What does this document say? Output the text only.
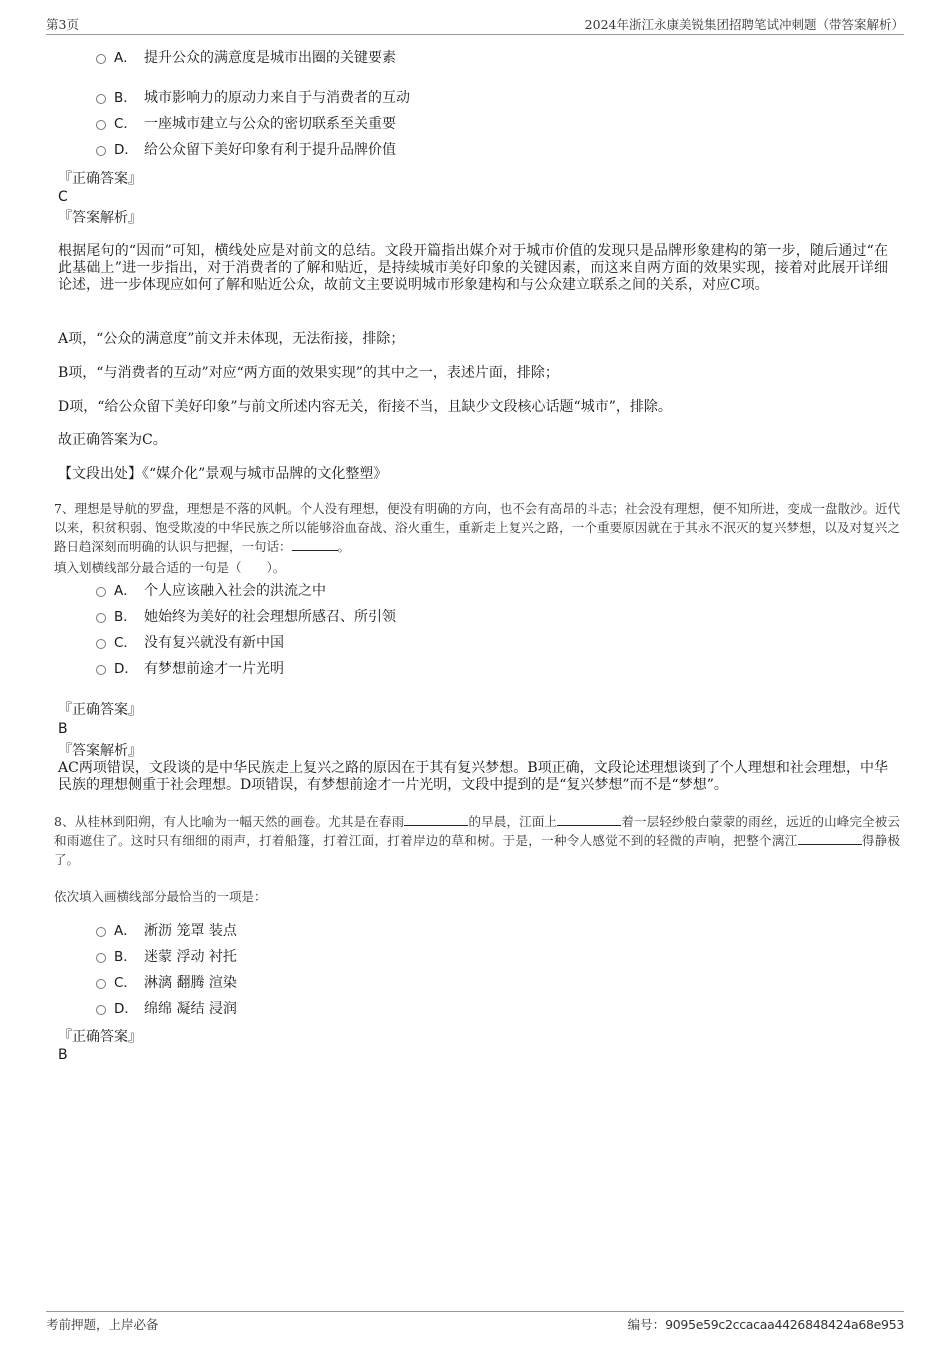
第3页	2024年浙江永康美锐集团招聘笔试冲刺题（带答案解析）
A． 提升公众的满意度是城市出圈的关键要素
B． 城市影响力的原动力来自于与消费者的互动
C． 一座城市建立与公众的密切联系至关重要
D． 给公众留下美好印象有利于提升品牌价值
『正确答案』
C
『答案解析』
根据尾句的“因而”可知，横线处应是对前文的总结。文段开篇指出媒介对于城市价值的发现只是品牌形象建构的第一步，随后通过“在此基础上”进一步指出，对于消费者的了解和贴近，是持续城市美好印象的关键因素，而这来自两方面的效果实现，接着对此展开详细论述，进一步体现应如何了解和贴近公众，故前文主要说明城市形象建构和与公众建立联系之间的关系，对应C项。
A项，“公众的满意度”前文并未体现，无法衔接，排除；
B项，“与消费者的互动”对应“两方面的效果实现”的其中之一，表述片面，排除；
D项，“给公众留下美好印象”与前文所述内容无关，衔接不当，且缺少文段核心话题“城市”，排除。
故正确答案为C。
【文段出处】《“媒介化”景观与城市品牌的文化整塑》
7、理想是导航的罗盘，理想是不落的风帆。个人没有理想，便没有明确的方向，也不会有高昂的斗志；社会没有理想，便不知所进，变成一盘散沙。近代以来，积贫积弱、饱受欺凌的中华民族之所以能够浴血奋战、浴火重生，重新走上复兴之路，一个重要原因就在于其永不泯灭的复兴梦想，以及对复兴之路日趋深刻而明确的认识与把握，一句话：	。
填入划横线部分最合适的一句是（　　）。
A． 个人应该融入社会的洪流之中
B． 她始终为美好的社会理想所感召、所引领
C． 没有复兴就没有新中国
D． 有梦想前途才一片光明
『正确答案』
B
『答案解析』
AC两项错误，文段谈的是中华民族走上复兴之路的原因在于其有复兴梦想。B项正确，文段论述理想谈到了个人理想和社会理想，中华民族的理想侧重于社会理想。D项错误，有梦想前途才一片光明，文段中提到的是“复兴梦想”而不是“梦想”。
8、从桂林到阳朔，有人比喻为一幅天然的画卷。尤其是在春雨	的早晨，江面上	着一层轻纱般白蒙蒙的雨丝，远近的山峰完全被云和雨遮住了。这时只有细细的雨声，打着船篷，打着江面，打着岸边的草和树。于是，一种令人感觉不到的轻微的声响，把整个漓江	得静极了。
依次填入画横线部分最恰当的一项是：
A． 淅沥 笼罩 装点
B． 迷蒙 浮动 衬托
C． 淋漓 翻腾 渲染
D． 绵绵 凝结 浸润
『正确答案』
B
考前押题，上岸必备	编号：9095e59c2ccacaa4426848424a68e953
